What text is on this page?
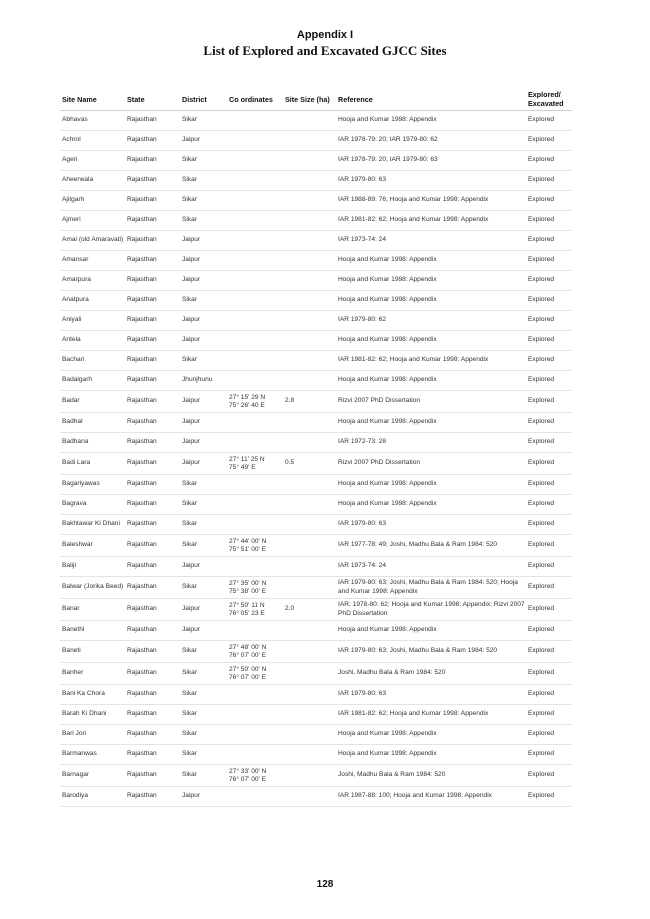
Appendix I
List of Explored and Excavated GJCC Sites
Site Name	State	District	Co ordinates	Site Size (ha)	Reference	Explored/ Excavated
Abhavas	Rajasthan	Sikar			Hooja and Kumar 1998: Appendix	Explored
Achrol	Rajasthan	Jaipur			IAR 1978-79: 20; IAR 1979-80: 62	Explored
Ageri	Rajasthan	Sikar			IAR 1978-79: 20; IAR 1979-80: 63	Explored
Aheerwala	Rajasthan	Sikar			IAR 1979-80: 63	Explored
Ajitgarh	Rajasthan	Sikar			IAR 1988-89: 76; Hooja and Kumar 1998: Appendix	Explored
Ajmeri	Rajasthan	Sikar			IAR 1981-82: 62; Hooja and Kumar 1998: Appendix	Explored
Amai (old Amaravati)	Rajasthan	Jaipur			IAR 1973-74: 24	Explored
Amansar	Rajasthan	Jaipur			Hooja and Kumar 1998: Appendix	Explored
Amarpura	Rajasthan	Jaipur			Hooja and Kumar 1998: Appendix	Explored
Anatpura	Rajasthan	Sikar			Hooja and Kumar 1998: Appendix	Explored
Aniyali	Rajasthan	Jaipur			IAR 1979-80: 62	Explored
Antela	Rajasthan	Jaipur			Hooja and Kumar 1998: Appendix	Explored
Bachari	Rajasthan	Sikar			IAR 1981-82: 62; Hooja and Kumar 1998: Appendix	Explored
Badalgarh	Rajasthan	Jhunjhunu			Hooja and Kumar 1998: Appendix	Explored
Badar	Rajasthan	Jaipur	27° 15' 29 N
75° 26' 40 E	2.8	Rizvi 2007 PhD Dissertation	Explored
Badhal	Rajasthan	Jaipur			Hooja and Kumar 1998: Appendix	Explored
Badhana	Rajasthan	Jaipur			IAR 1972-73: 28	Explored
Badi Lara	Rajasthan	Jaipur	27° 11' 25 N
75° 49' E	0.5	Rizvi 2007 PhD Dissertation	Explored
Bagariyawas	Rajasthan	Sikar			Hooja and Kumar 1998: Appendix	Explored
Bagrava	Rajasthan	Sikar			Hooja and Kumar 1998: Appendix	Explored
Bakhtawar Ki Dhani	Rajasthan	Sikar			IAR 1979-80: 63	Explored
Baleshwar	Rajasthan	Sikar	27° 44' 00' N
75° 51' 00' E		IAR 1977-78: 49; Joshi, Madhu Bala & Ram 1984: 520	Explored
Baliji	Rajasthan	Jaipur			IAR 1973-74: 24	Explored
Balwar (Jorika Beed)	Rajasthan	Sikar	27° 35' 00' N
75° 38' 00' E		IAR 1979-80: 63; Joshi, Madhu Bala & Ram 1984: 520; Hooja and Kumar 1998: Appendix	Explored
Banar	Rajasthan	Jaipur	27° 50' 11 N
76° 05' 23 E	2.0	IAR; 1978-80: 62; Hooja and Kumar 1998: Appendix; Rizvi 2007 PhD Dissertation	Explored
Banethi	Rajasthan	Jaipur			Hooja and Kumar 1998: Appendix	Explored
Baneti	Rajasthan	Sikar	27° 48' 00' N
76° 07' 00' E		IAR 1979-80: 63; Joshi, Madhu Bala & Ram 1984: 520	Explored
Banher	Rajasthan	Sikar	27° 50' 00' N
76° 07' 00' E		Joshi, Madhu Bala & Ram 1984: 520	Explored
Bani Ka Chora	Rajasthan	Sikar			IAR 1979-80: 63	Explored
Barah Ki Dhani	Rajasthan	Sikar			IAR 1981-82: 62; Hooja and Kumar 1998: Appendix	Explored
Bari Jori	Rajasthan	Sikar			Hooja and Kumar 1998: Appendix	Explored
Barmanwas	Rajasthan	Sikar			Hooja and Kumar 1998: Appendix	Explored
Barnagar	Rajasthan	Sikar	27° 33' 00' N
76° 07' 00' E		Joshi, Madhu Bala & Ram 1984: 520	Explored
Barodiya	Rajasthan	Jaipur			IAR 1987-88: 100; Hooja and Kumar 1998: Appendix	Explored
128
